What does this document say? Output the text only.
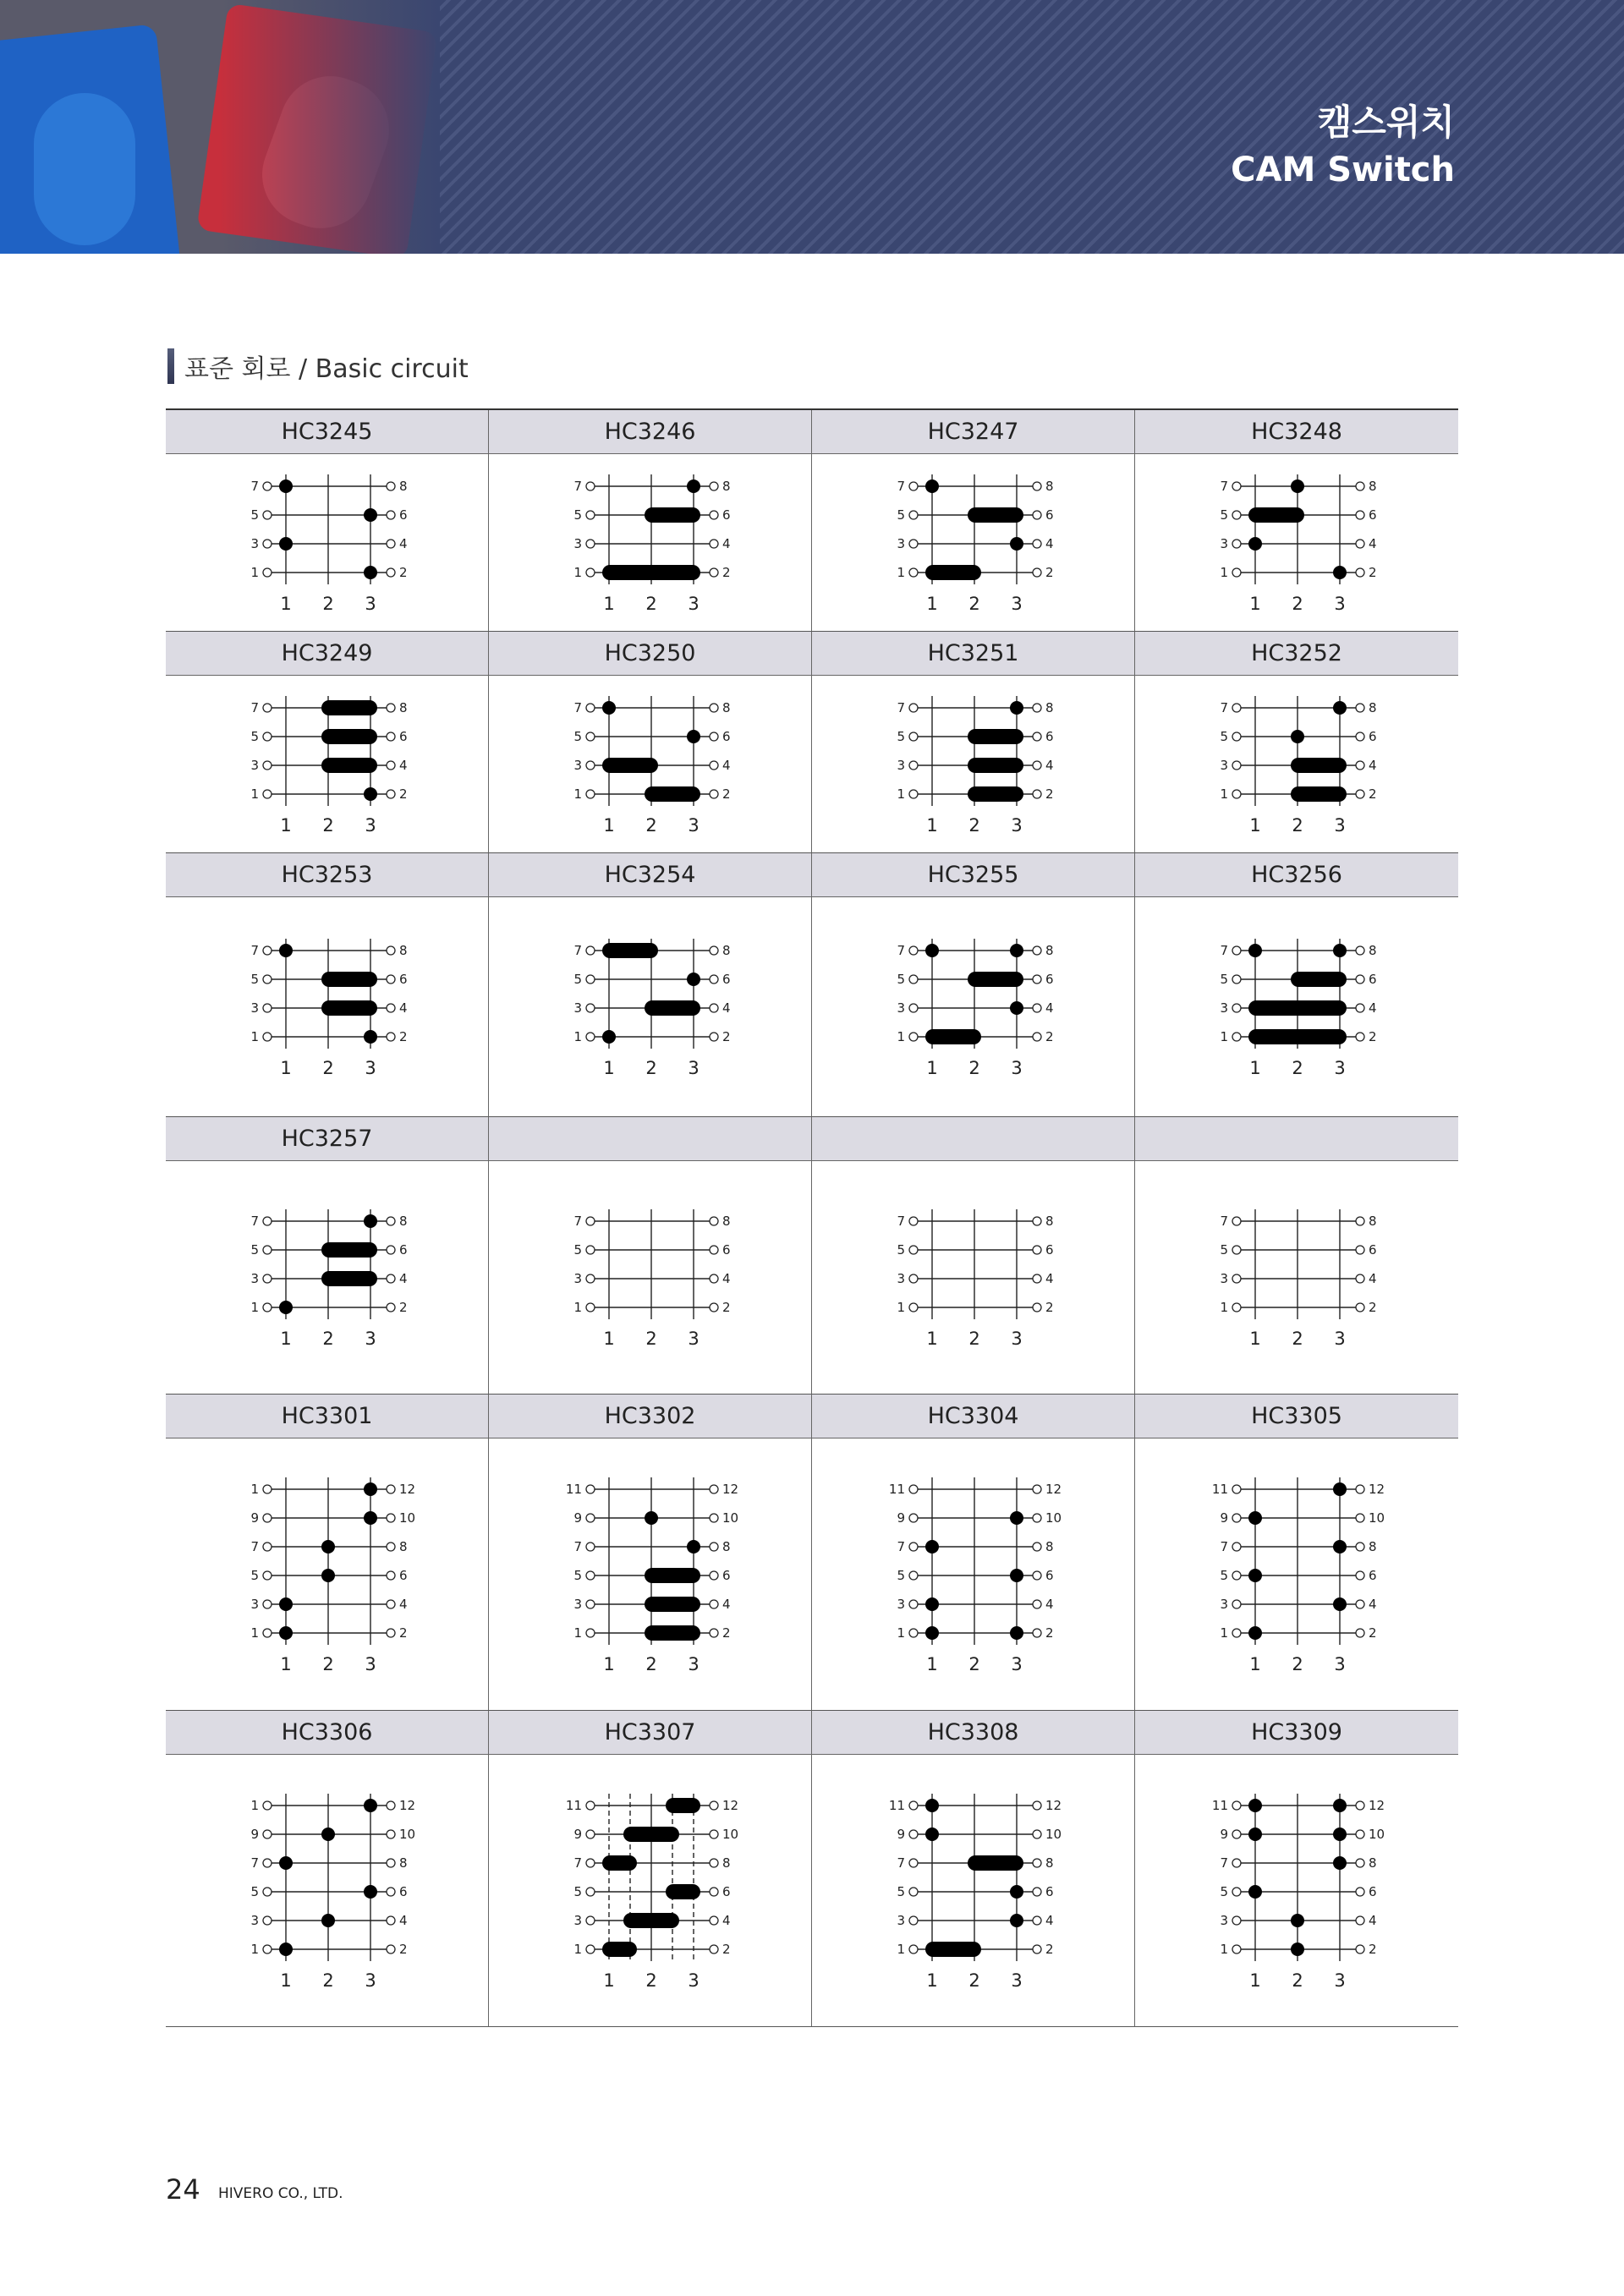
캠스위치
CAM Switch
표준 회로 / Basic circuit
HC3245	HC3246	HC3247	HC3248
7	8
5	6
3	4
1	2
1 2 3
7	8
5	6
3	4
1	2
1 2 3
7	8
5	6
3	4
1	2
1 2 3
7	8
5	6
3	4
1	2
1 2 3
HC3249	HC3250	HC3251	HC3252
7	8
5	6
3	4
1	2
1 2 3
7	8
5	6
3	4
1	2
1 2 3
7	8
5	6
3	4
1	2
1 2 3
7	8
5	6
3	4
1	2
1 2 3
HC3253	HC3254	HC3255	HC3256
7	8
5	6
3	4
1	2
1 2 3
7	8
5	6
3	4
1	2
1 2 3
7	8
5	6
3	4
1	2
1 2 3
7	8
5	6
3	4
1	2
1 2 3
HC3257
7	8
5	6
3	4
1	2
1 2 3
7	8
5	6
3	4
1	2
1 2 3
7	8
5	6
3	4
1	2
1 2 3
7	8
5	6
3	4
1	2
1 2 3
HC3301	HC3302	HC3304	HC3305
1	12
9	10
7	8
5	6
3	4
1	2
1 2 3
11	12
9	10
7	8
5	6
3	4
1	2
1 2 3
11	12
9	10
7	8
5	6
3	4
1	2
1 2 3
11	12
9	10
7	8
5	6
3	4
1	2
1 2 3
HC3306	HC3307	HC3308	HC3309
1	12
9	10
7	8
5	6
3	4
1	2
1 2 3
11	12
9	10
7	8
5	6
3	4
1	2
1 2 3
11	12
9	10
7	8
5	6
3	4
1	2
1 2 3
11	12
9	10
7	8
5	6
3	4
1	2
1 2 3
24 HIVERO CO., LTD.
